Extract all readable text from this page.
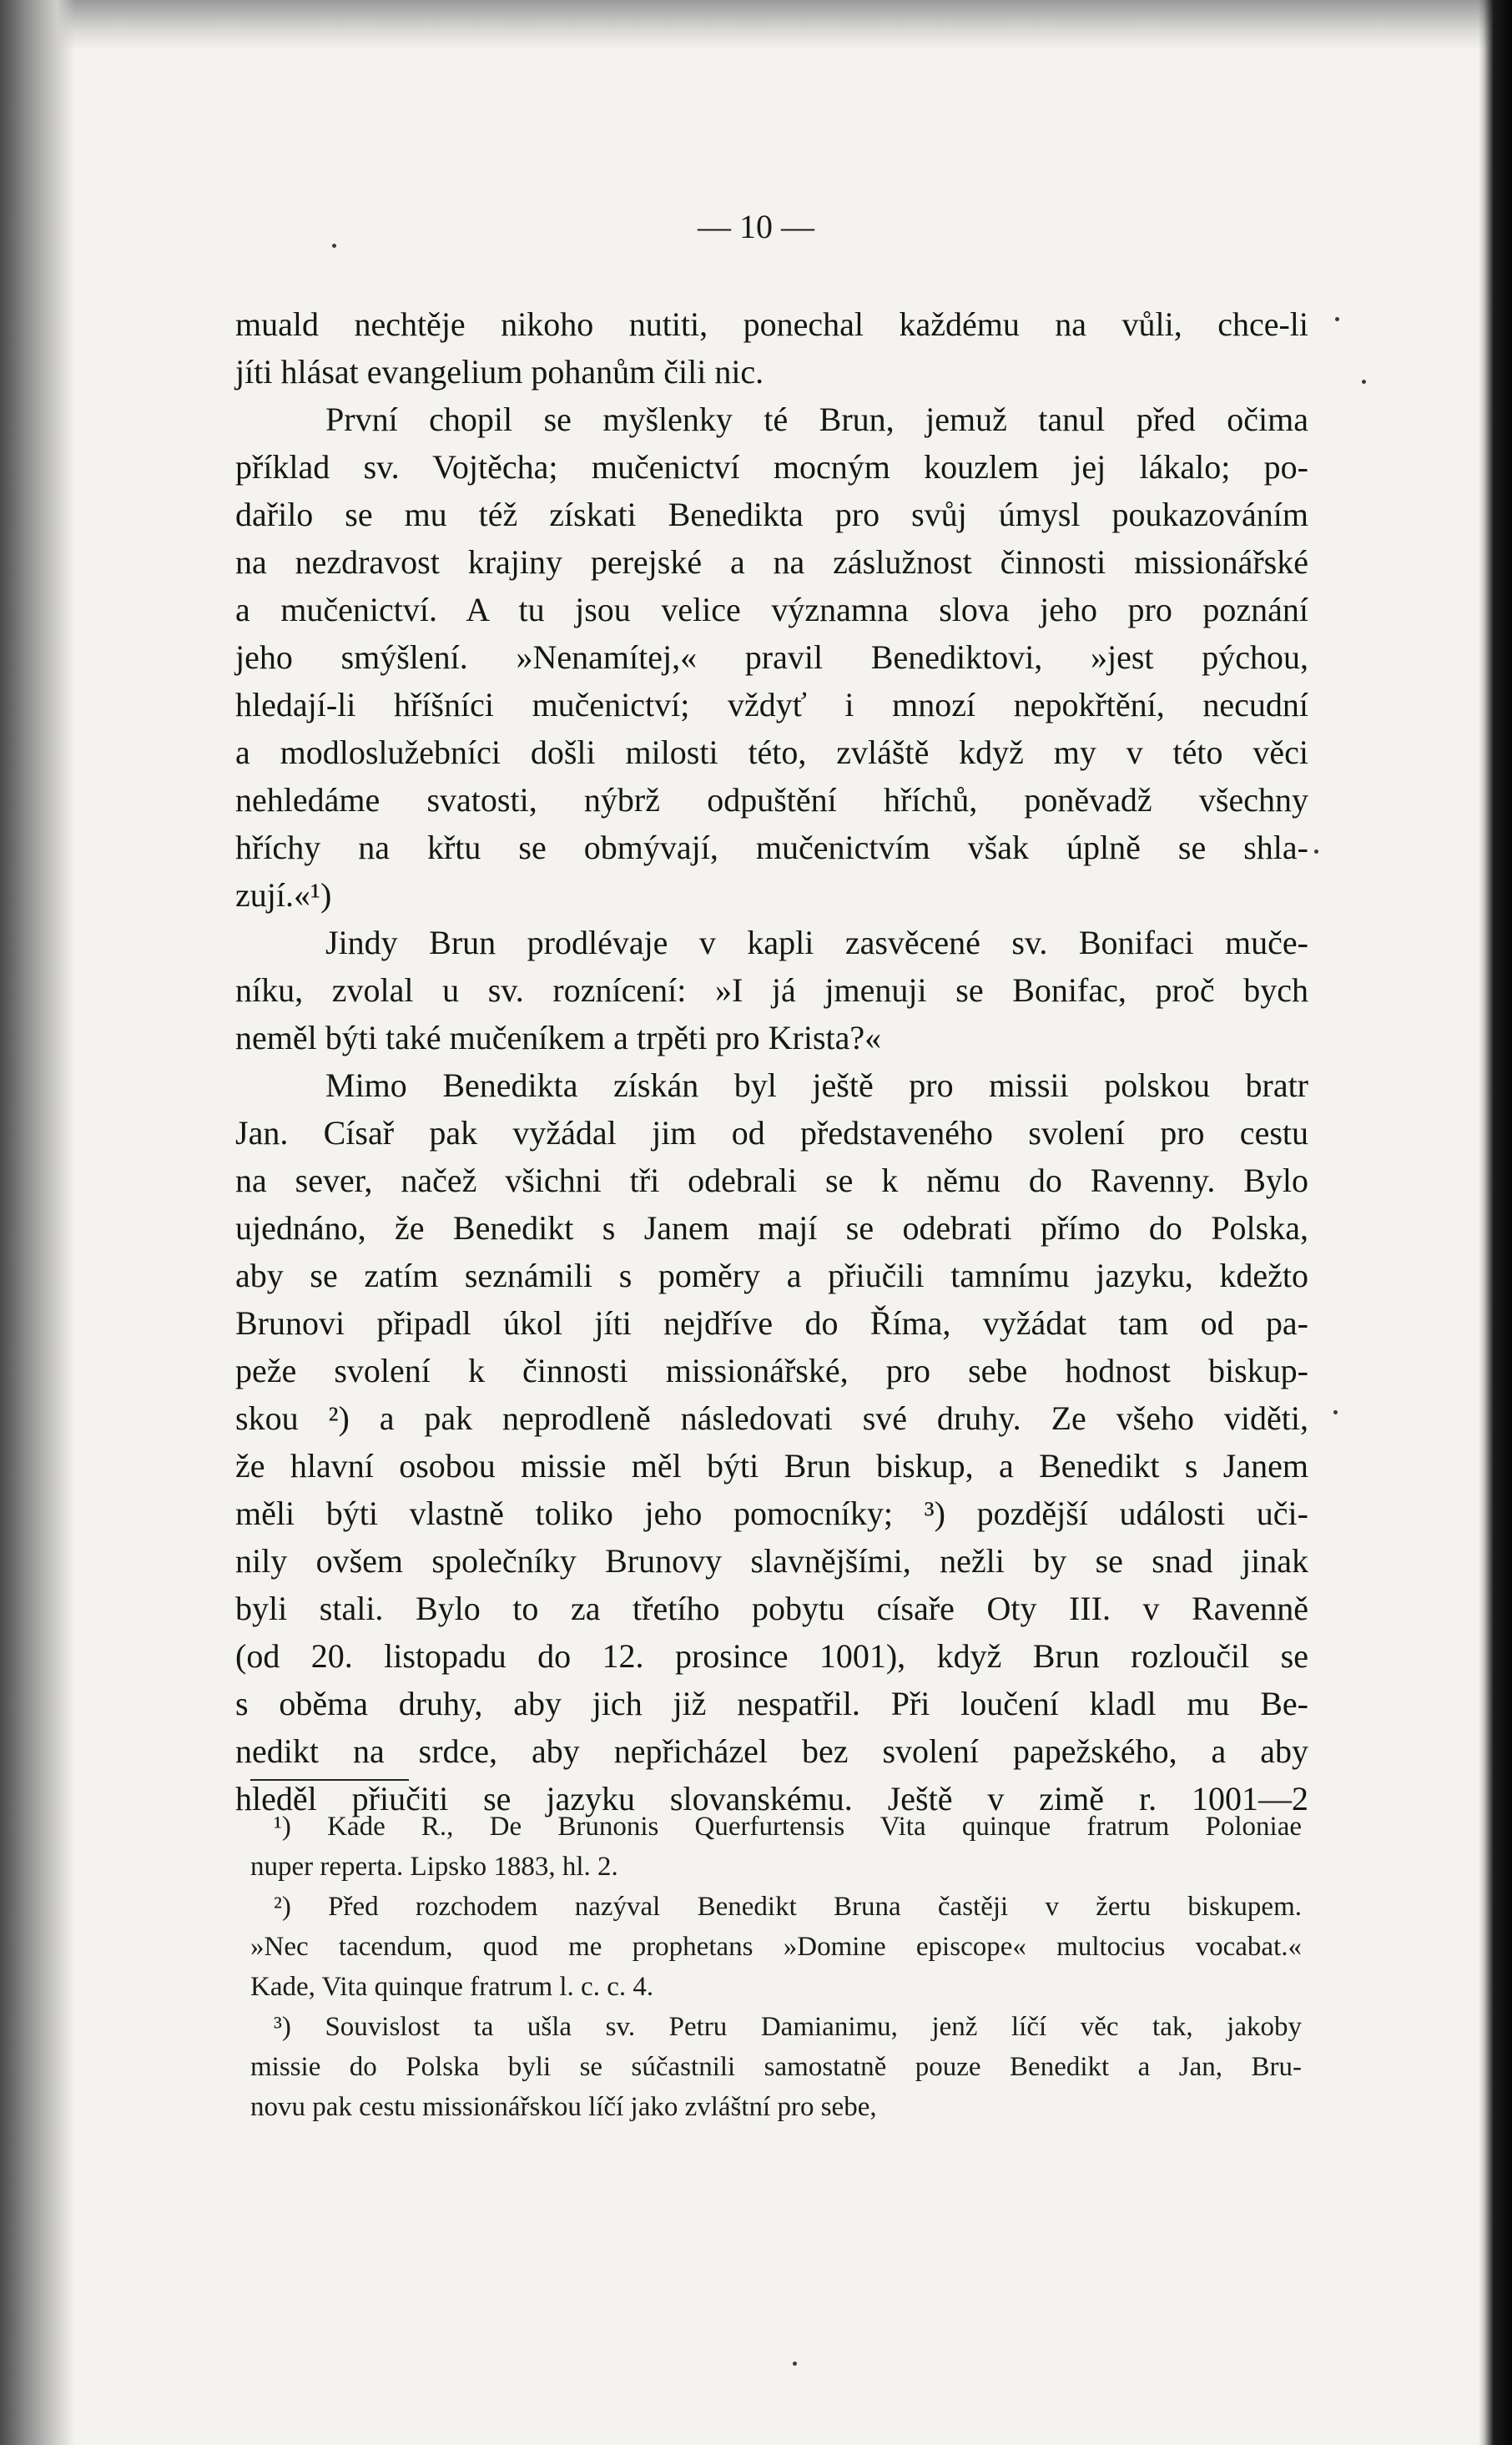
— 10 —
muald nechtěje nikoho nutiti, ponechal každému na vůli, chce-li
jíti hlásat evangelium pohanům čili nic.
První chopil se myšlenky té Brun, jemuž tanul před očima
příklad sv. Vojtěcha; mučenictví mocným kouzlem jej lákalo; po-
dařilo se mu též získati Benedikta pro svůj úmysl poukazováním
na nezdravost krajiny perejské a na záslužnost činnosti missionářské
a mučenictví. A tu jsou velice významna slova jeho pro poznání
jeho smýšlení. »Nenamítej,« pravil Benediktovi, »jest pýchou,
hledají-li hříšníci mučenictví; vždyť i mnozí nepokřtění, necudní
a modloslužebníci došli milosti této, zvláště když my v této věci
nehledáme svatosti, nýbrž odpuštění hříchů, poněvadž všechny
hříchy na křtu se obmývají, mučenictvím však úplně se shla-
zují.«¹)
Jindy Brun prodlévaje v kapli zasvěcené sv. Bonifaci muče-
níku, zvolal u sv. roznícení: »I já jmenuji se Bonifac, proč bych
neměl býti také mučeníkem a trpěti pro Krista?«
Mimo Benedikta získán byl ještě pro missii polskou bratr
Jan. Císař pak vyžádal jim od představeného svolení pro cestu
na sever, načež všichni tři odebrali se k němu do Ravenny. Bylo
ujednáno, že Benedikt s Janem mají se odebrati přímo do Polska,
aby se zatím seznámili s poměry a přiučili tamnímu jazyku, kdežto
Brunovi připadl úkol jíti nejdříve do Říma, vyžádat tam od pa-
peže svolení k činnosti missionářské, pro sebe hodnost biskup-
skou ²) a pak neprodleně následovati své druhy. Ze všeho viděti,
že hlavní osobou missie měl býti Brun biskup, a Benedikt s Janem
měli býti vlastně toliko jeho pomocníky; ³) pozdější události uči-
nily ovšem společníky Brunovy slavnějšími, nežli by se snad jinak
byli stali. Bylo to za třetího pobytu císaře Oty III. v Ravenně
(od 20. listopadu do 12. prosince 1001), když Brun rozloučil se
s oběma druhy, aby jich již nespatřil. Při loučení kladl mu Be-
nedikt na srdce, aby nepřicházel bez svolení papežského, a aby
hleděl přiučiti se jazyku slovanskému. Ještě v zimě r. 1001—2
¹) Kade R., De Brunonis Querfurtensis Vita quinque fratrum Poloniae
nuper reperta. Lipsko 1883, hl. 2.
²) Před rozchodem nazýval Benedikt Bruna častěji v žertu biskupem.
»Nec tacendum, quod me prophetans »Domine episcope« multocius vocabat.«
Kade, Vita quinque fratrum l. c. c. 4.
³) Souvislost ta ušla sv. Petru Damianimu, jenž líčí věc tak, jakoby
missie do Polska byli se súčastnili samostatně pouze Benedikt a Jan, Bru-
novu pak cestu missionářskou líčí jako zvláštní pro sebe,
